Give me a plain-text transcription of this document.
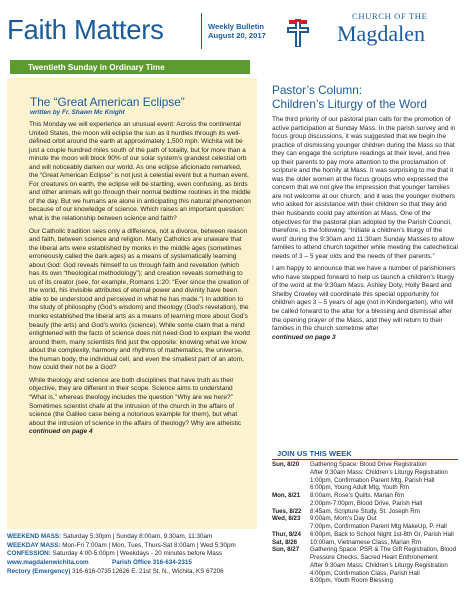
Faith Matters	Weekly Bulletin
August 20, 2017
CHURCH OF THE
Magdalen
Twentieth Sunday in Ordinary Time
The “Great American Eclipse”
written by Fr. Shawn Mc Knight

This Monday we will experience an unusual event: Across the continental United States, the moon will eclipse the sun as it hurdles through its well-defined orbit around the earth at approximately 1,500 mph. Wichita will be just a couple hundred miles south of the path of totality, but for more than a minute the moon will block 90% of our solar system’s grandest celestial orb and will noticeably darken our world. As one eclipse aficionado remarked, the “Great American Eclipse” is not just a celestial event but a human event. For creatures on earth, the eclipse will be startling, even confusing, as birds and other animals will go through their normal bedtime routines in the middle of the day. But we humans are alone in anticipating this natural phenomenon because of our knowledge of science. Which raises an important question: what is the relationship between science and faith?

Our Catholic tradition sees only a difference, not a divorce, between reason and faith, between science and religion. Many Catholics are unaware that the liberal arts were established by monks in the middle ages (sometimes erroneously called the dark ages) as a means of systematically learning about God: God reveals himself to us through faith and revelation (which has its own “theological methodology”); and creation reveals something to us of its creator (see, for example, Romans 1:20: “Ever since the creation of the world, his invisible attributes of eternal power and divinity have been able to be understood and perceived in what he has made.”) In addition to the study of philosophy (God’s wisdom) and theology (God’s revelation), the monks established the liberal arts as a means of learning more about God’s beauty (the arts) and God’s works (science). While some claim that a mind enlightened with the facts of science does not need God to explain the world around them, many scientists find just the opposite: knowing what we know about the complexity, harmony and rhythms of mathematics, the universe, the human body, the individual cell, and even the smallest part of an atom, how could their not be a God?

While theology and science are both disciplines that have truth as their objective, they are different in their scope. Science aims to understand “What is,” whereas theology includes the question “Why are we here?” Sometimes scientist chafe at the intrusion of the church in the affairs of science (the Galileo case being a notorious example for them), but what about the intrusion of science in the affairs of theology? Why are atheistic

continued on page 4
Pastor’s Column:
Children’s Liturgy of the Word

The third priority of our pastoral plan calls for the promotion of active participation at Sunday Mass. In the parish survey and in focus group discussions, it was suggested that we begin the practice of dismissing younger children during the Mass so that they can engage the scripture readings at their level, and free up their parents to pay more attention to the proclamation of scripture and the homily at Mass. It was surprising to me that it was the older women at the focus groups who expressed the concern that we not give the impression that younger families are not welcome at our church; and it was the younger mothers who asked for assistance with their children so that they and their husbands could pay attention at Mass. One of the objectives for the pastoral plan adopted by the Parish Council, therefore, is the following: “Initiate a children’s liturgy of the word’ during the 9:30am and 11:30am Sunday Masses to allow families to attend church together while meeting the catechetical needs of 3 – 5 year olds and the needs of their parents.”

I am happy to announce that we have a number of parishioners who have stepped forward to help us launch a children’s liturgy of the word at the 9:30am Mass. Ashley Doty, Holly Beard and Shelby Crowley will coordinate this special opportunity for children ages 3 – 5 years of age (not in Kindergarten), who will be called forward to the altar for a blessing and dismissal after the opening prayer of the Mass, and they will return to their families in the church sometime after

continued on page 3
JOIN US THIS WEEK
Sun, 8/20	Gathering Space: Blood Drive Registration
After 9:30am Mass: Children’s Liturgy Registration
1:00pm, Confirmation Parent Mtg, Parish Hall
6:00pm, Young Adult Mtg, Youth Rm
Mon, 8/21	8:00am, Rose’s Quilts, Marian Rm
2:00pm-7:00pm, Blood Drive, Parish Hall
Tues, 8/22	8:45am, Scripture Study, St. Joseph Rm
Wed, 8/23	9:00am, Mom’s Day Out
7:00pm, Confirmation Parent Mtg MakeUp, P. Hall
Thur, 8/24	6:00pm, Back to School Night 1st-8th Gr, Parish Hall
Sat, 8/26	10:00am, Vietnamese Class, Marian Rm
Sun, 8/27	Gathering Space: PSR & The Gift Registration, Blood
Pressure Checks, Sacred Heart Enthronement
After 9:30am Mass: Children’s Liturgy Registration
4:00pm, Confirmation Class, Parish Hall
6:00pm, Youth Room Blessing
WEEKEND MASS: Saturday 5:30pm | Sunday 8:00am, 9:30am, 11:30am
WEEKDAY MASS: Mon-Fri 7:00am | Mon, Tues, Thurs-Sat 8:00am | Wed 5:30pm
CONFESSION: Saturday 4:00-5:00pm | Weekdays - 20 minutes before Mass
www.magdalenwichita.com
Rectory (Emergency) 316-616-0735
Parish Office 316-634-2315
12626 E. 21st St. N., Wichita, KS 67206
